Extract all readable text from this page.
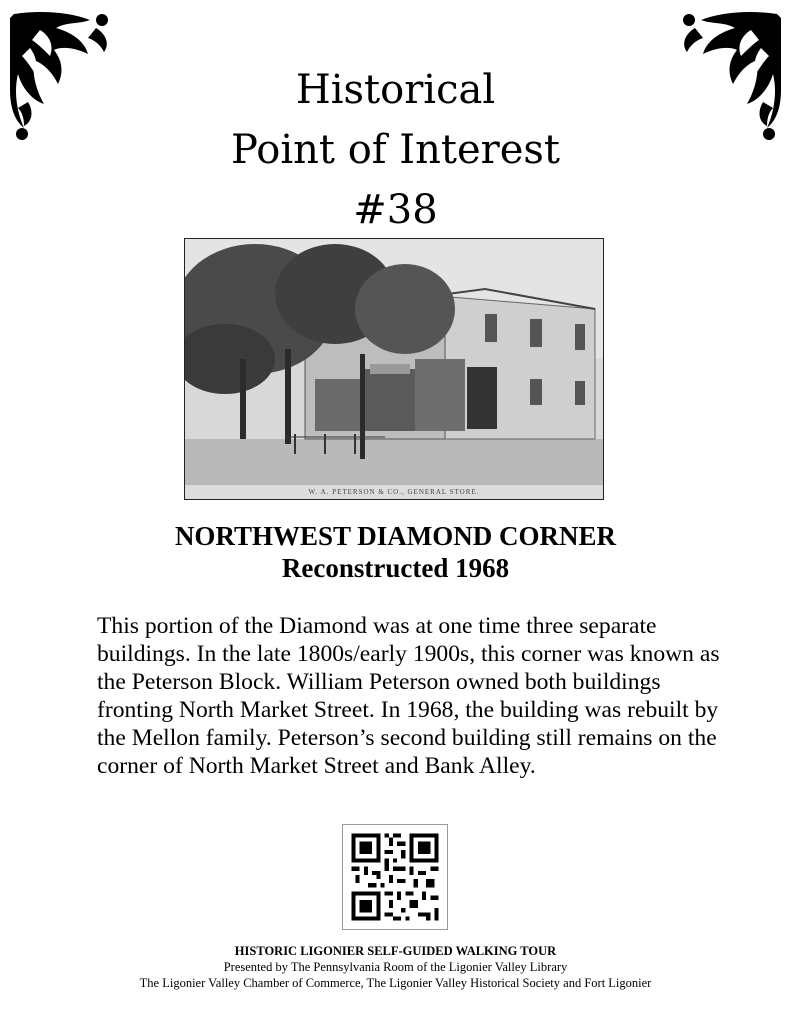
Historical
Point of Interest
#38
W. A. PETERSON & CO., GENERAL STORE.
NORTHWEST DIAMOND CORNER
Reconstructed 1968
This portion of the Diamond was at one time three separate buildings. In the late 1800s/early 1900s, this corner was known as the Peterson Block. William Peterson owned both buildings fronting North Market Street. In 1968, the building was rebuilt by the Mellon family. Peterson’s second building still remains on the corner of North Market Street and Bank Alley.
HISTORIC LIGONIER SELF-GUIDED WALKING TOUR
Presented by The Pennsylvania Room of the Ligonier Valley Library
The Ligonier Valley Chamber of Commerce, The Ligonier Valley Historical Society and Fort Ligonier
